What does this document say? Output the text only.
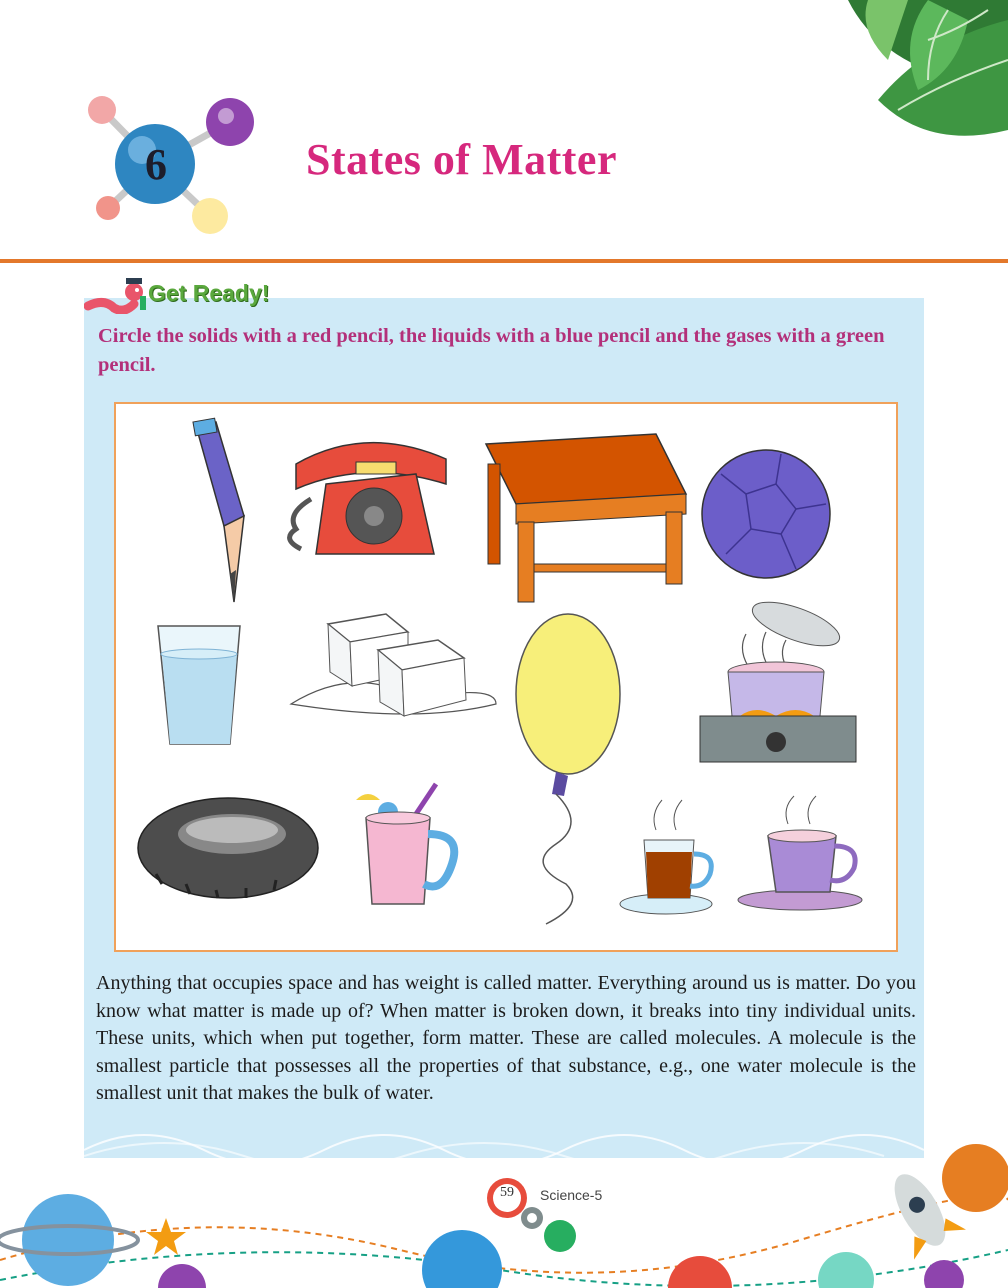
6	States of Matter
Get Ready!

Circle the solids with a red pencil, the liquids with a blue pencil and the gases with a green pencil.

Anything that occupies space and has weight is called matter. Everything around us is matter. Do you know what matter is made up of? When matter is broken down, it breaks into tiny individual units. These units, which when put together, form matter. These are called molecules. A molecule is the smallest particle that possesses all the properties of that substance, e.g., one water molecule is the smallest unit that makes the bulk of water.

59	Science-5
